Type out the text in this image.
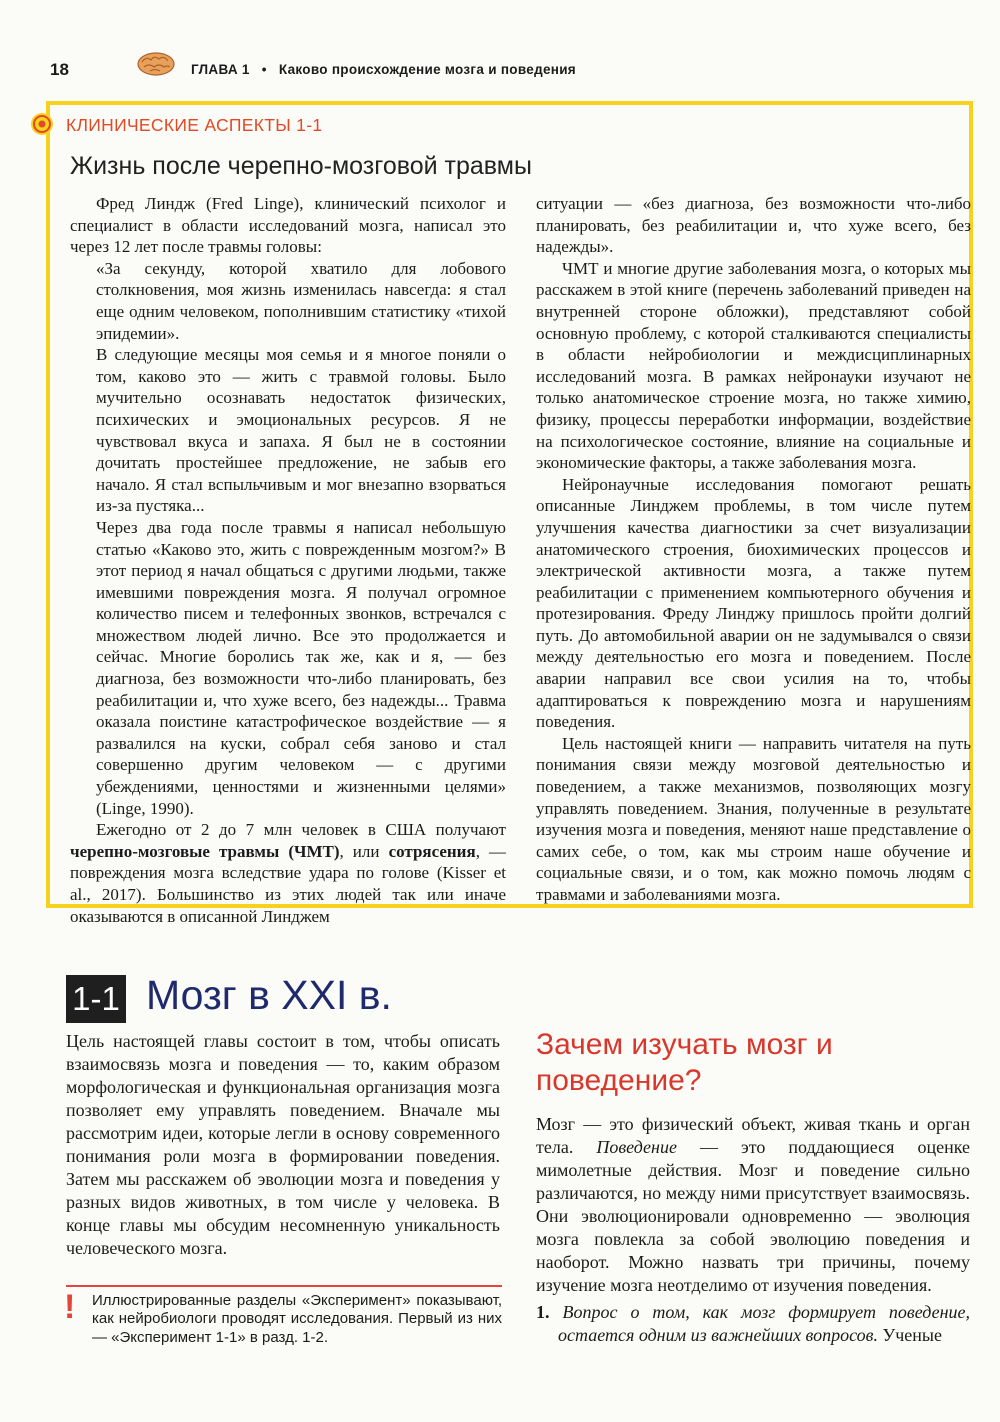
18	ГЛАВА 1 • Каково происхождение мозга и поведения
КЛИНИЧЕСКИЕ АСПЕКТЫ 1-1
Жизнь после черепно-мозговой травмы

Фред Линдж (Fred Linge), клинический психолог и специалист в области исследований мозга, написал это через 12 лет после травмы головы:

«За секунду, которой хватило для лобового столкновения, моя жизнь изменилась навсегда: я стал еще одним человеком, пополнившим статистику «тихой эпидемии».

В следующие месяцы моя семья и я многое поняли о том, каково это — жить с травмой головы. Было мучительно осознавать недостаток физических, психических и эмоциональных ресурсов. Я не чувствовал вкуса и запаха. Я был не в состоянии дочитать простейшее предложение, не забыв его начало. Я стал вспыльчивым и мог внезапно взорваться из-за пустяка...

Через два года после травмы я написал небольшую статью «Каково это, жить с поврежденным мозгом?» В этот период я начал общаться с другими людьми, также имевшими повреждения мозга. Я получал огромное количество писем и телефонных звонков, встречался с множеством людей лично. Все это продолжается и сейчас. Многие боролись так же, как и я, — без диагноза, без возможности что-либо планировать, без реабилитации и, что хуже всего, без надежды... Травма оказала поистине катастрофическое воздействие — я развалился на куски, собрал себя заново и стал совершенно другим человеком — с другими убеждениями, ценностями и жизненными целями» (Linge, 1990).

Ежегодно от 2 до 7 млн человек в США получают черепно-мозговые травмы (ЧМТ), или сотрясения, — повреждения мозга вследствие удара по голове (Kisser et al., 2017). Большинство из этих людей так или иначе оказываются в описанной Линджем

ситуации — «без диагноза, без возможности что-либо планировать, без реабилитации и, что хуже всего, без надежды».

ЧМТ и многие другие заболевания мозга, о которых мы расскажем в этой книге (перечень заболеваний приведен на внутренней стороне обложки), представляют собой основную проблему, с которой сталкиваются специалисты в области нейробиологии и междисциплинарных исследований мозга. В рамках нейронауки изучают не только анатомическое строение мозга, но также химию, физику, процессы переработки информации, воздействие на психологическое состояние, влияние на социальные и экономические факторы, а также заболевания мозга.

Нейронаучные исследования помогают решать описанные Линджем проблемы, в том числе путем улучшения качества диагностики за счет визуализации анатомического строения, биохимических процессов и электрической активности мозга, а также путем реабилитации с применением компьютерного обучения и протезирования. Фреду Линджу пришлось пройти долгий путь. До автомобильной аварии он не задумывался о связи между деятельностью его мозга и поведением. После аварии направил все свои усилия на то, чтобы адаптироваться к повреждению мозга и нарушениям поведения.

Цель настоящей книги — направить читателя на путь понимания связи между мозговой деятельностью и поведением, а также механизмов, позволяющих мозгу управлять поведением. Знания, полученные в результате изучения мозга и поведения, меняют наше представление о самих себе, о том, как мы строим наше обучение и социальные связи, и о том, как можно помочь людям с травмами и заболеваниями мозга.

1-1 Мозг в XXI в.

Цель настоящей главы состоит в том, чтобы описать взаимосвязь мозга и поведения — то, каким образом морфологическая и функциональная организация мозга позволяет ему управлять поведением. Вначале мы рассмотрим идеи, которые легли в основу современного понимания роли мозга в формировании поведения. Затем мы расскажем об эволюции мозга и поведения у разных видов животных, в том числе у человека. В конце главы мы обсудим несомненную уникальность человеческого мозга.

! Иллюстрированные разделы «Эксперимент» показывают, как нейробиологи проводят исследования. Первый из них — «Эксперимент 1-1» в разд. 1-2.
Зачем изучать мозг и поведение?

Мозг — это физический объект, живая ткань и орган тела. Поведение — это поддающиеся оценке мимолетные действия. Мозг и поведение сильно различаются, но между ними присутствует взаимосвязь. Они эволюционировали одновременно — эволюция мозга повлекла за собой эволюцию поведения и наоборот. Можно назвать три причины, почему изучение мозга неотделимо от изучения поведения.

1. Вопрос о том, как мозг формирует поведение, остается одним из важнейших вопросов. Ученые
